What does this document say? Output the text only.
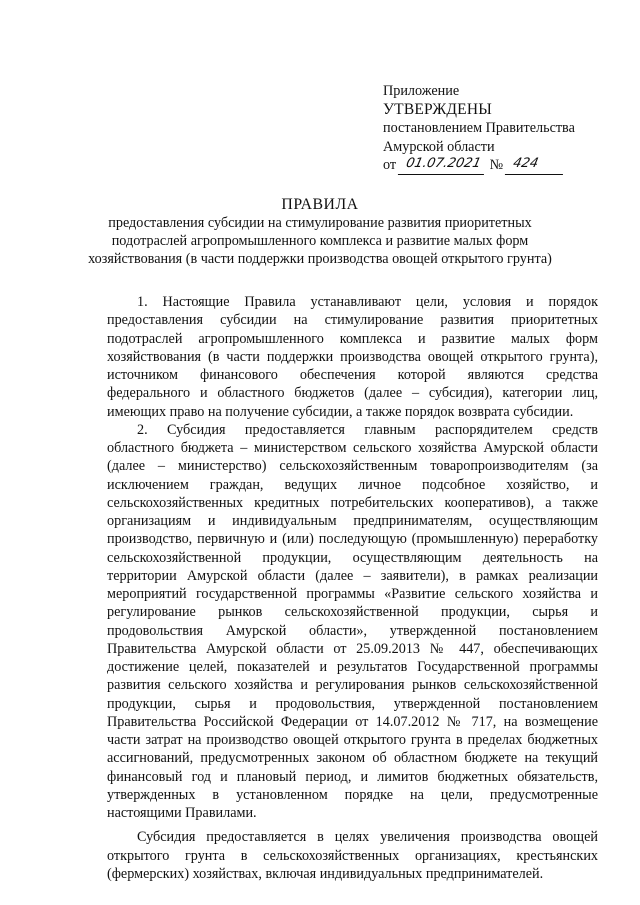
Приложение
УТВЕРЖДЕНЫ
постановлением Правительства
Амурской области
от 01.07.2021 № 424
ПРАВИЛА
предоставления субсидии на стимулирование развития приоритетных
подотраслей агропромышленного комплекса и развитие малых форм
хозяйствования (в части поддержки производства овощей открытого грунта)
1. Настоящие Правила устанавливают цели, условия и порядок
предоставления субсидии на стимулирование развития приоритетных
подотраслей агропромышленного комплекса и развитие малых форм
хозяйствования (в части поддержки производства овощей открытого грунта),
источником финансового обеспечения которой являются средства
федерального и областного бюджетов (далее – субсидия), категории лиц,
имеющих право на получение субсидии, а также порядок возврата субсидии.
2. Субсидия предоставляется главным распорядителем средств
областного бюджета – министерством сельского хозяйства Амурской области
(далее – министерство) сельскохозяйственным товаропроизводителям (за
исключением граждан, ведущих личное подсобное хозяйство, и
сельскохозяйственных кредитных потребительских кооперативов), а также
организациям и индивидуальным предпринимателям, осуществляющим
производство, первичную и (или) последующую (промышленную) переработку
сельскохозяйственной продукции, осуществляющим деятельность на
территории Амурской области (далее – заявители), в рамках реализации
мероприятий государственной программы «Развитие сельского хозяйства и
регулирование рынков сельскохозяйственной продукции, сырья и
продовольствия Амурской области», утвержденной постановлением
Правительства Амурской области от 25.09.2013 № 447, обеспечивающих
достижение целей, показателей и результатов Государственной программы
развития сельского хозяйства и регулирования рынков сельскохозяйственной
продукции, сырья и продовольствия, утвержденной постановлением
Правительства Российской Федерации от 14.07.2012 № 717, на возмещение
части затрат на производство овощей открытого грунта в пределах бюджетных
ассигнований, предусмотренных законом об областном бюджете на текущий
финансовый год и плановый период, и лимитов бюджетных обязательств,
утвержденных в установленном порядке на цели, предусмотренные
настоящими Правилами.
Субсидия предоставляется в целях увеличения производства овощей
открытого грунта в сельскохозяйственных организациях, крестьянских
(фермерских) хозяйствах, включая индивидуальных предпринимателей.
